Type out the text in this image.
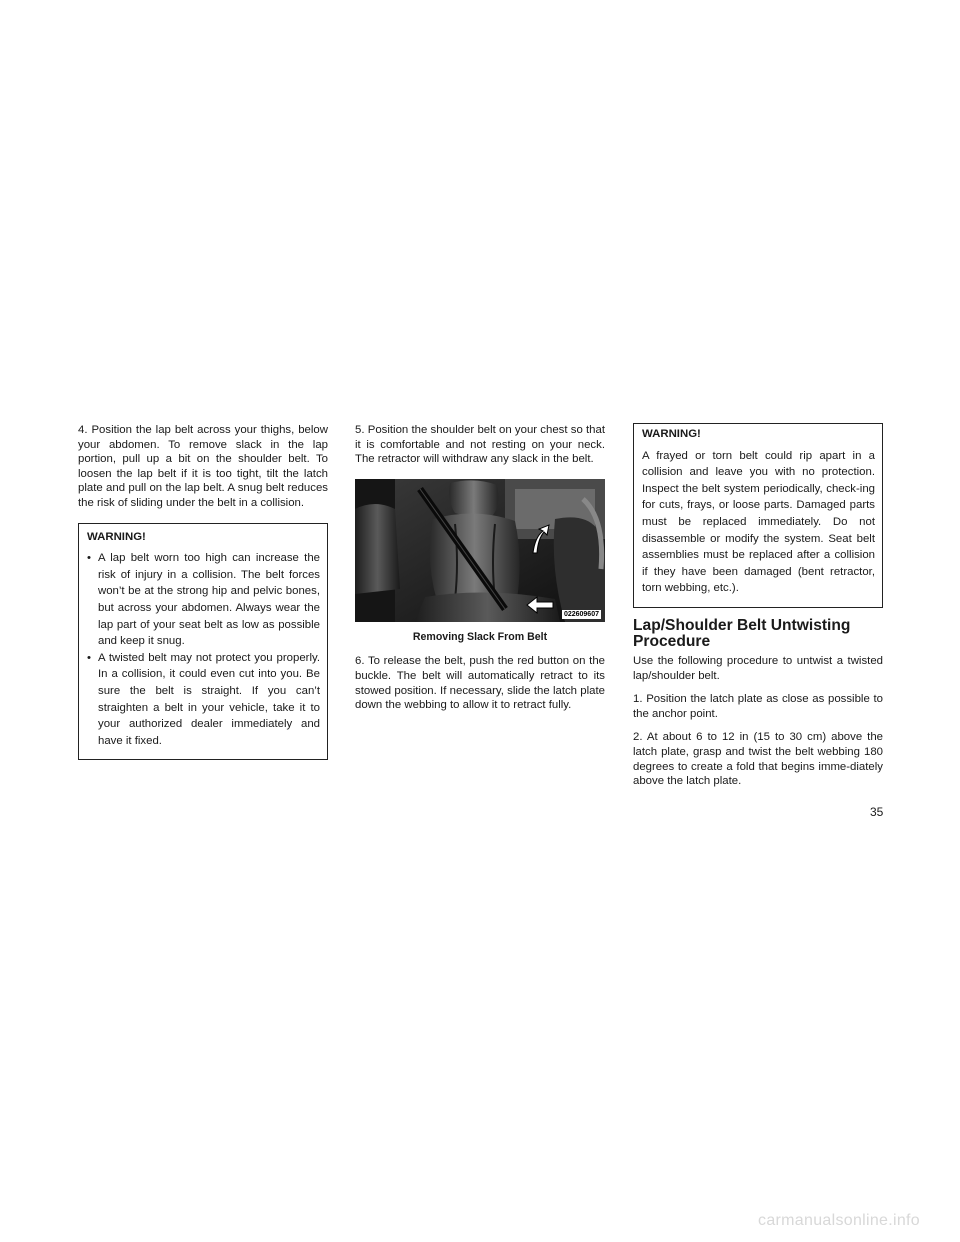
4. Position the lap belt across your thighs, below your abdomen. To remove slack in the lap portion, pull up a bit on the shoulder belt. To loosen the lap belt if it is too tight, tilt the latch plate and pull on the lap belt. A snug belt reduces the risk of sliding under the belt in a collision.

WARNING!
• A lap belt worn too high can increase the risk of injury in a collision. The belt forces won’t be at the strong hip and pelvic bones, but across your abdomen. Always wear the lap part of your seat belt as low as possible and keep it snug.
• A twisted belt may not protect you properly. In a collision, it could even cut into you. Be sure the belt is straight. If you can’t straighten a belt in your vehicle, take it to your authorized dealer immediately and have it fixed.

5. Position the shoulder belt on your chest so that it is comfortable and not resting on your neck. The retractor will withdraw any slack in the belt.

022609607
Removing Slack From Belt

6. To release the belt, push the red button on the buckle. The belt will automatically retract to its stowed position. If necessary, slide the latch plate down the webbing to allow it to retract fully.

WARNING!
A frayed or torn belt could rip apart in a collision and leave you with no protection. Inspect the belt system periodically, check-ing for cuts, frays, or loose parts. Damaged parts must be replaced immediately. Do not disassemble or modify the system. Seat belt assemblies must be replaced after a collision if they have been damaged (bent retractor, torn webbing, etc.).
Lap/Shoulder Belt Untwisting Procedure

Use the following procedure to untwist a twisted lap/shoulder belt.

1. Position the latch plate as close as possible to the anchor point.

2. At about 6 to 12 in (15 to 30 cm) above the latch plate, grasp and twist the belt webbing 180 degrees to create a fold that begins imme-diately above the latch plate.

35
carmanualsonline.info
